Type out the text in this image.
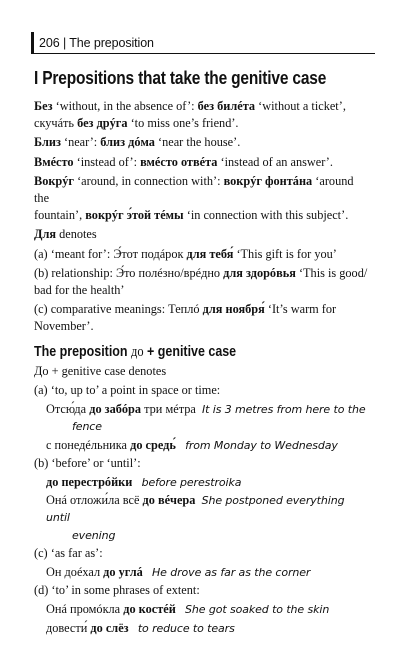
206 | The preposition
I Prepositions that take the genitive case

Без ‘without, in the absence of’: без билéта ‘without a ticket’,
скучáть без дрýга ‘to miss one’s friend’.

Близ ‘near’: близ дóма ‘near the house’.

Вмéсто ‘instead of’: вмéсто отвéта ‘instead of an answer’.

Вокрýг ‘around, in connection with’: вокрýг фонтáна ‘around the
fountain’, вокрýг э́той тéмы ‘in connection with this subject’.

Для denotes

(a) ‘meant for’: Э́тот подáрок для тебя́ ‘This gift is for you’

(b) relationship: Э́то полéзно/врéдно для здорóвья ‘This is good/
bad for the health’

(c) comparative meanings: Теплó для ноября́ ‘It’s warm for
November’.

The preposition до + genitive case

До + genitive case denotes

(a) ‘to, up to’ a point in space or time:

Отсю́да до забóра три мéтра It is 3 metres from here to the
fence

с понедéльника до средь́ from Monday to Wednesday

(b) ‘before’ or ‘until’:

до перестрóйки before perestroika

Онá отложи́ла всё до вéчера She postponed everything until
evening

(c) ‘as far as’:

Он доéхал до углá He drove as far as the corner

(d) ‘to’ in some phrases of extent:

Онá промóкла до костéй She got soaked to the skin

довести́ до слёз to reduce to tears
